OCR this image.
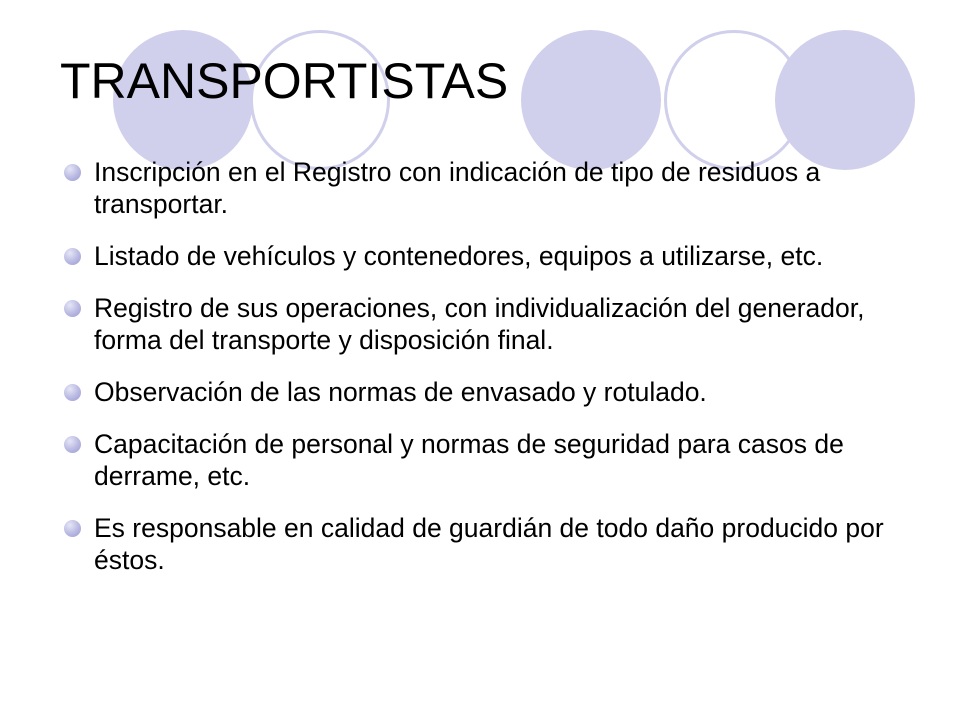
TRANSPORTISTAS
Inscripción en el Registro con indicación de tipo de residuos a transportar.
Listado de vehículos y contenedores, equipos a utilizarse, etc.
Registro de sus operaciones, con individualización del generador, forma del transporte y disposición final.
Observación de las normas de envasado y rotulado.
Capacitación de personal y normas de seguridad para casos de derrame, etc.
Es responsable en calidad de guardián de todo daño producido por éstos.
